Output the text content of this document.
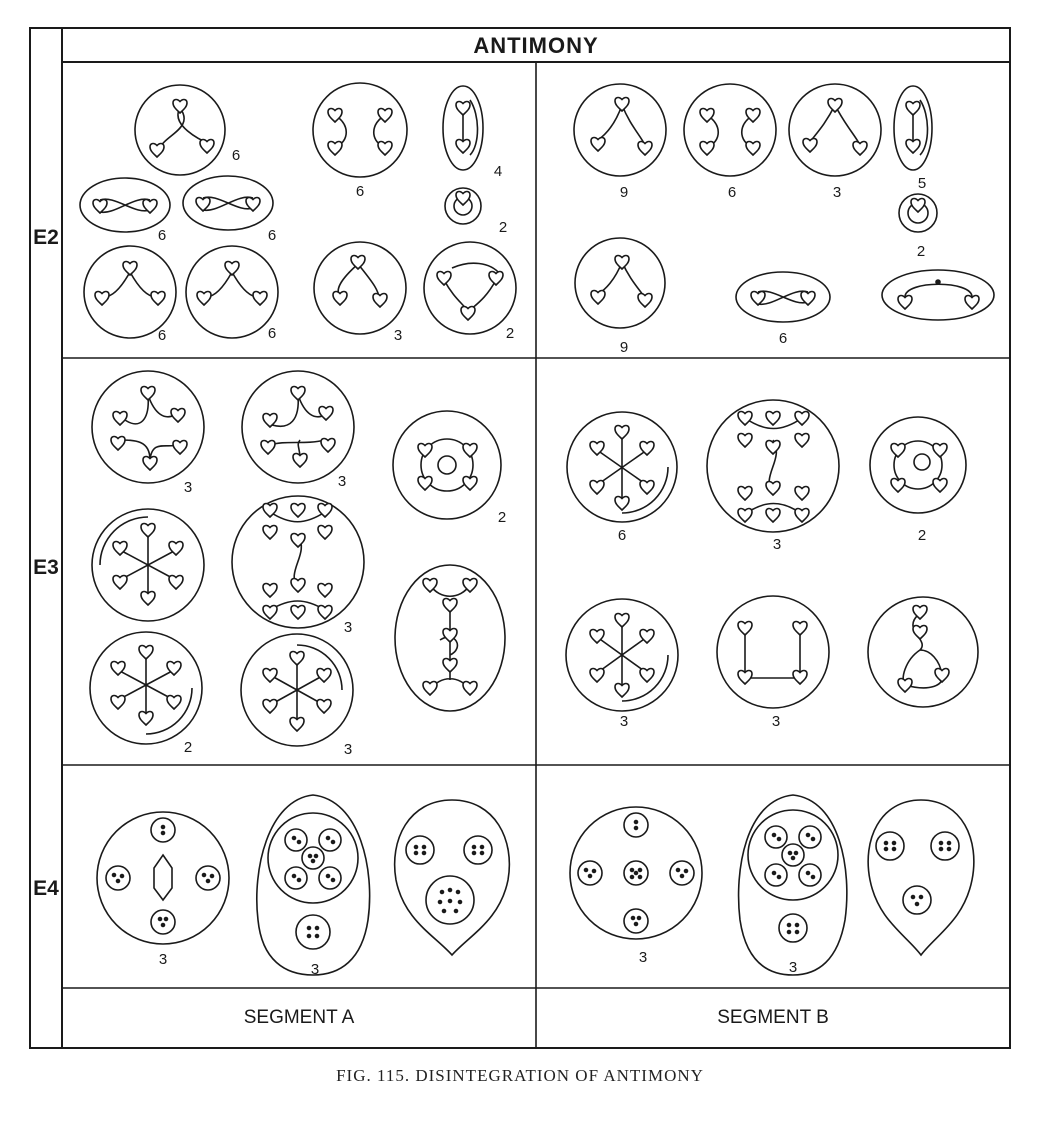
ANTIMONY
E2
E3
E4
SEGMENT A	SEGMENT B
6
6
4
6
6	2
6
6	3	2
9	6	3
5
2
9
6
3	3
2
3
2	3
6
3
2
3	3
3
3
3
3
FIG. 115. DISINTEGRATION OF ANTIMONY
